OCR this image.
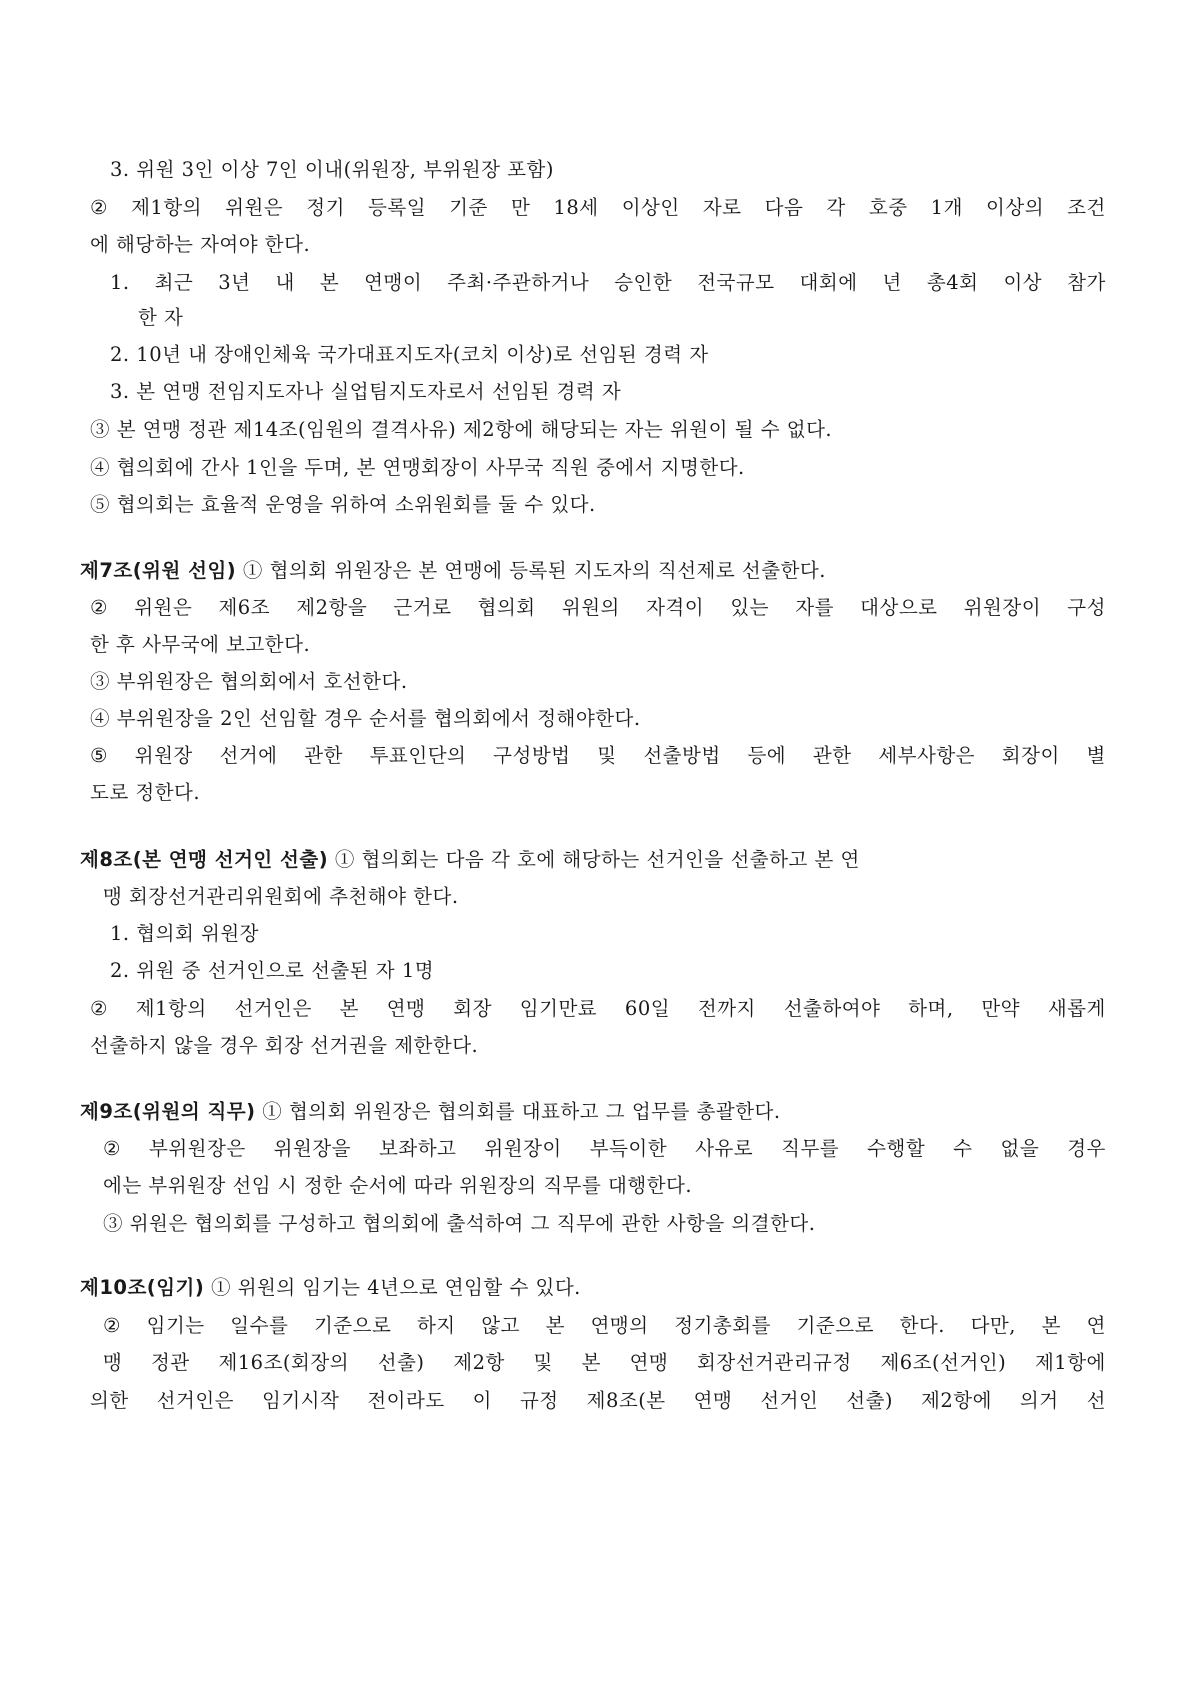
3. 위원 3인 이상 7인 이내(위원장, 부위원장 포함)
② 제1항의 위원은 정기 등록일 기준 만 18세 이상인 자로 다음 각 호중 1개 이상의 조건
에 해당하는 자여야 한다.
1. 최근 3년 내 본 연맹이 주최·주관하거나 승인한 전국규모 대회에 년 총4회 이상 참가
한 자
2. 10년 내 장애인체육 국가대표지도자(코치 이상)로 선임된 경력 자
3. 본 연맹 전임지도자나 실업팀지도자로서 선임된 경력 자
③ 본 연맹 정관 제14조(임원의 결격사유) 제2항에 해당되는 자는 위원이 될 수 없다.
④ 협의회에 간사 1인을 두며, 본 연맹회장이 사무국 직원 중에서 지명한다.
⑤ 협의회는 효율적 운영을 위하여 소위원회를 둘 수 있다.
제7조(위원 선임) ① 협의회 위원장은 본 연맹에 등록된 지도자의 직선제로 선출한다.
② 위원은 제6조 제2항을 근거로 협의회 위원의 자격이 있는 자를 대상으로 위원장이 구성
한 후 사무국에 보고한다.
③ 부위원장은 협의회에서 호선한다.
④ 부위원장을 2인 선임할 경우 순서를 협의회에서 정해야한다.
⑤ 위원장 선거에 관한 투표인단의 구성방법 및 선출방법 등에 관한 세부사항은 회장이 별
도로 정한다.
제8조(본 연맹 선거인 선출) ① 협의회는 다음 각 호에 해당하는 선거인을 선출하고 본 연
맹 회장선거관리위원회에 추천해야 한다.
1. 협의회 위원장
2. 위원 중 선거인으로 선출된 자 1명
② 제1항의 선거인은 본 연맹 회장 임기만료 60일 전까지 선출하여야 하며, 만약 새롭게
선출하지 않을 경우 회장 선거권을 제한한다.
제9조(위원의 직무) ① 협의회 위원장은 협의회를 대표하고 그 업무를 총괄한다.
② 부위원장은 위원장을 보좌하고 위원장이 부득이한 사유로 직무를 수행할 수 없을 경우
에는 부위원장 선임 시 정한 순서에 따라 위원장의 직무를 대행한다.
③ 위원은 협의회를 구성하고 협의회에 출석하여 그 직무에 관한 사항을 의결한다.
제10조(임기) ① 위원의 임기는 4년으로 연임할 수 있다.
② 임기는 일수를 기준으로 하지 않고 본 연맹의 정기총회를 기준으로 한다. 다만, 본 연
맹 정관 제16조(회장의 선출) 제2항 및 본 연맹 회장선거관리규정 제6조(선거인) 제1항에
의한 선거인은 임기시작 전이라도 이 규정 제8조(본 연맹 선거인 선출) 제2항에 의거 선
